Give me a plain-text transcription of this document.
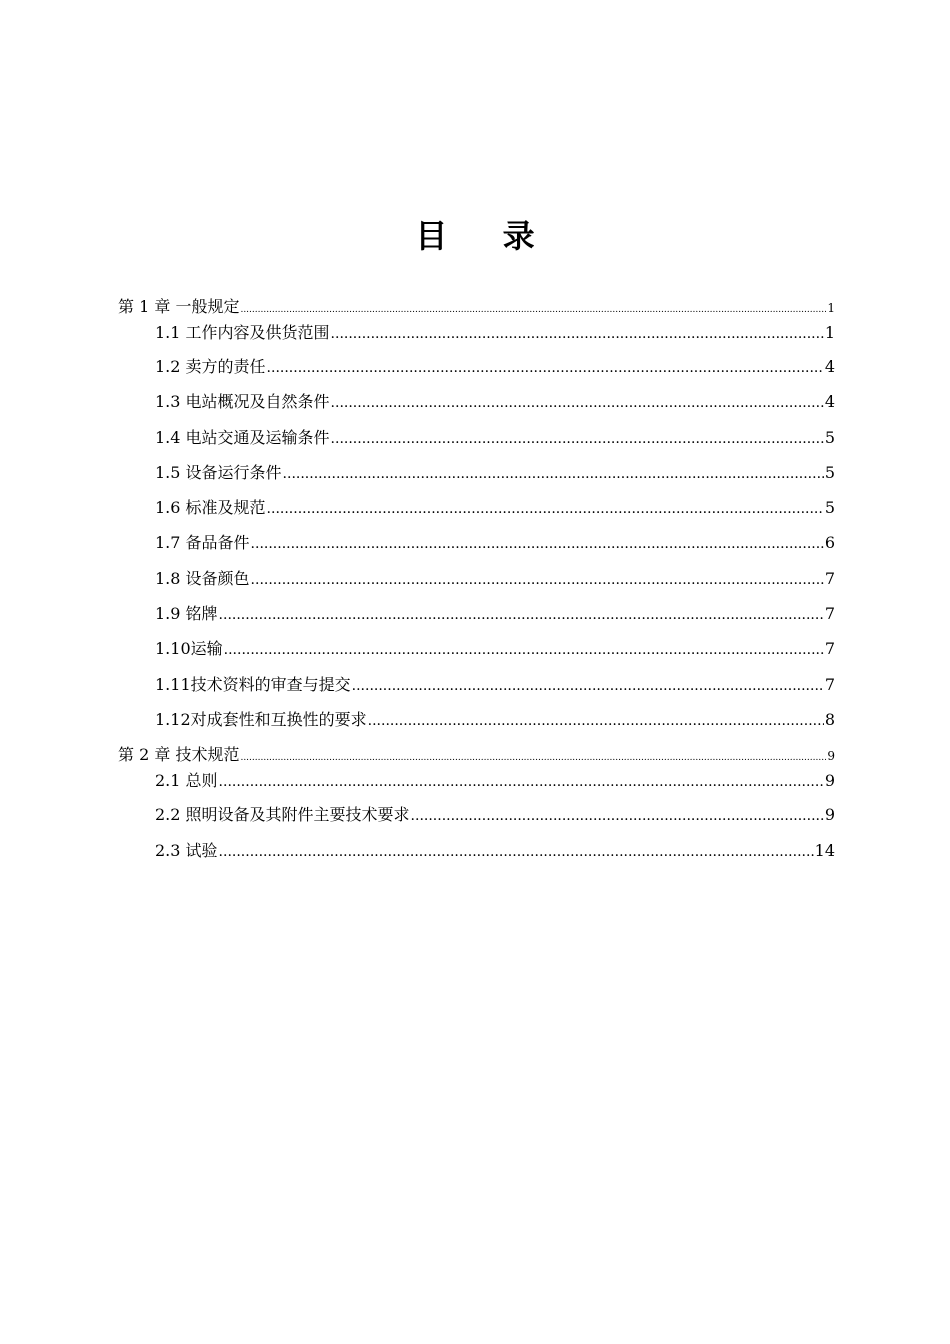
目 录
第 1 章 一般规定 .....	1
1.1 工作内容及供货范围 .....	1
1.2 卖方的责任 .....	4
1.3 电站概况及自然条件 .....	4
1.4 电站交通及运输条件 .....	5
1.5 设备运行条件 .....	5
1.6 标准及规范 .....	5
1.7 备品备件 .....	6
1.8 设备颜色 .....	7
1.9 铭牌 .....	7
1.10运输 .....	7
1.11技术资料的审查与提交 .....	7
1.12对成套性和互换性的要求 .....	8
第 2 章 技术规范 .....	9
2.1 总则 .....	9
2.2 照明设备及其附件主要技术要求 .....	9
2.3 试验 .....	14
